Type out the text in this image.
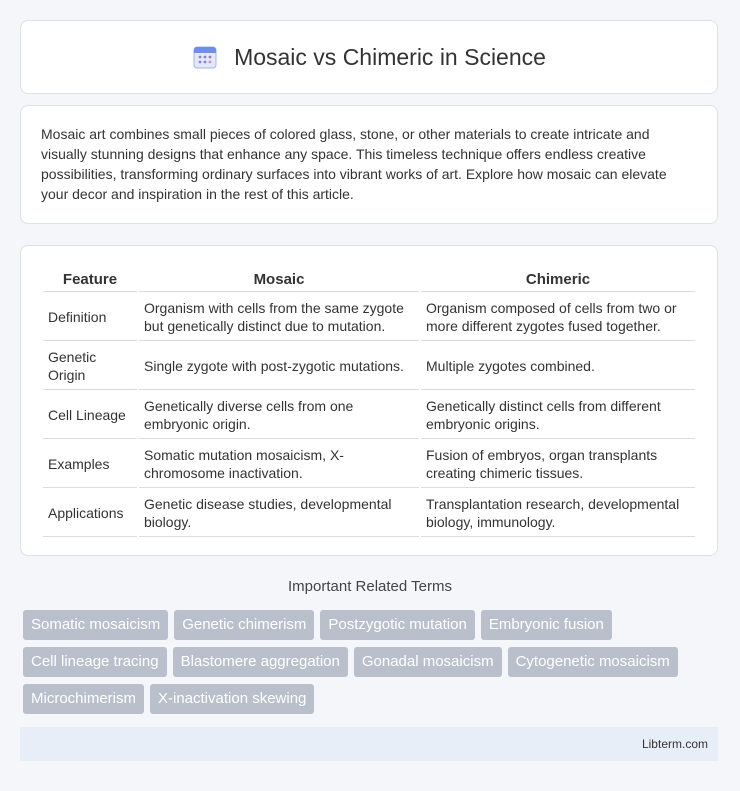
Mosaic vs Chimeric in Science

Mosaic art combines small pieces of colored glass, stone, or other materials to create intricate and visually stunning designs that enhance any space. This timeless technique offers endless creative possibilities, transforming ordinary surfaces into vibrant works of art. Explore how mosaic can elevate your decor and inspiration in the rest of this article.

Feature	Mosaic	Chimeric
Definition	Organism with cells from the same zygote but genetically distinct due to mutation.	Organism composed of cells from two or more different zygotes fused together.
Genetic Origin	Single zygote with post-zygotic mutations.	Multiple zygotes combined.
Cell Lineage	Genetically diverse cells from one embryonic origin.	Genetically distinct cells from different embryonic origins.
Examples	Somatic mutation mosaicism, X-chromosome inactivation.	Fusion of embryos, organ transplants creating chimeric tissues.
Applications	Genetic disease studies, developmental biology.	Transplantation research, developmental biology, immunology.
Important Related Terms
Somatic mosaicism	Genetic chimerism	Postzygotic mutation	Embryonic fusion
Cell lineage tracing	Blastomere aggregation	Gonadal mosaicism	Cytogenetic mosaicism
Microchimerism	X-inactivation skewing
Libterm.com
